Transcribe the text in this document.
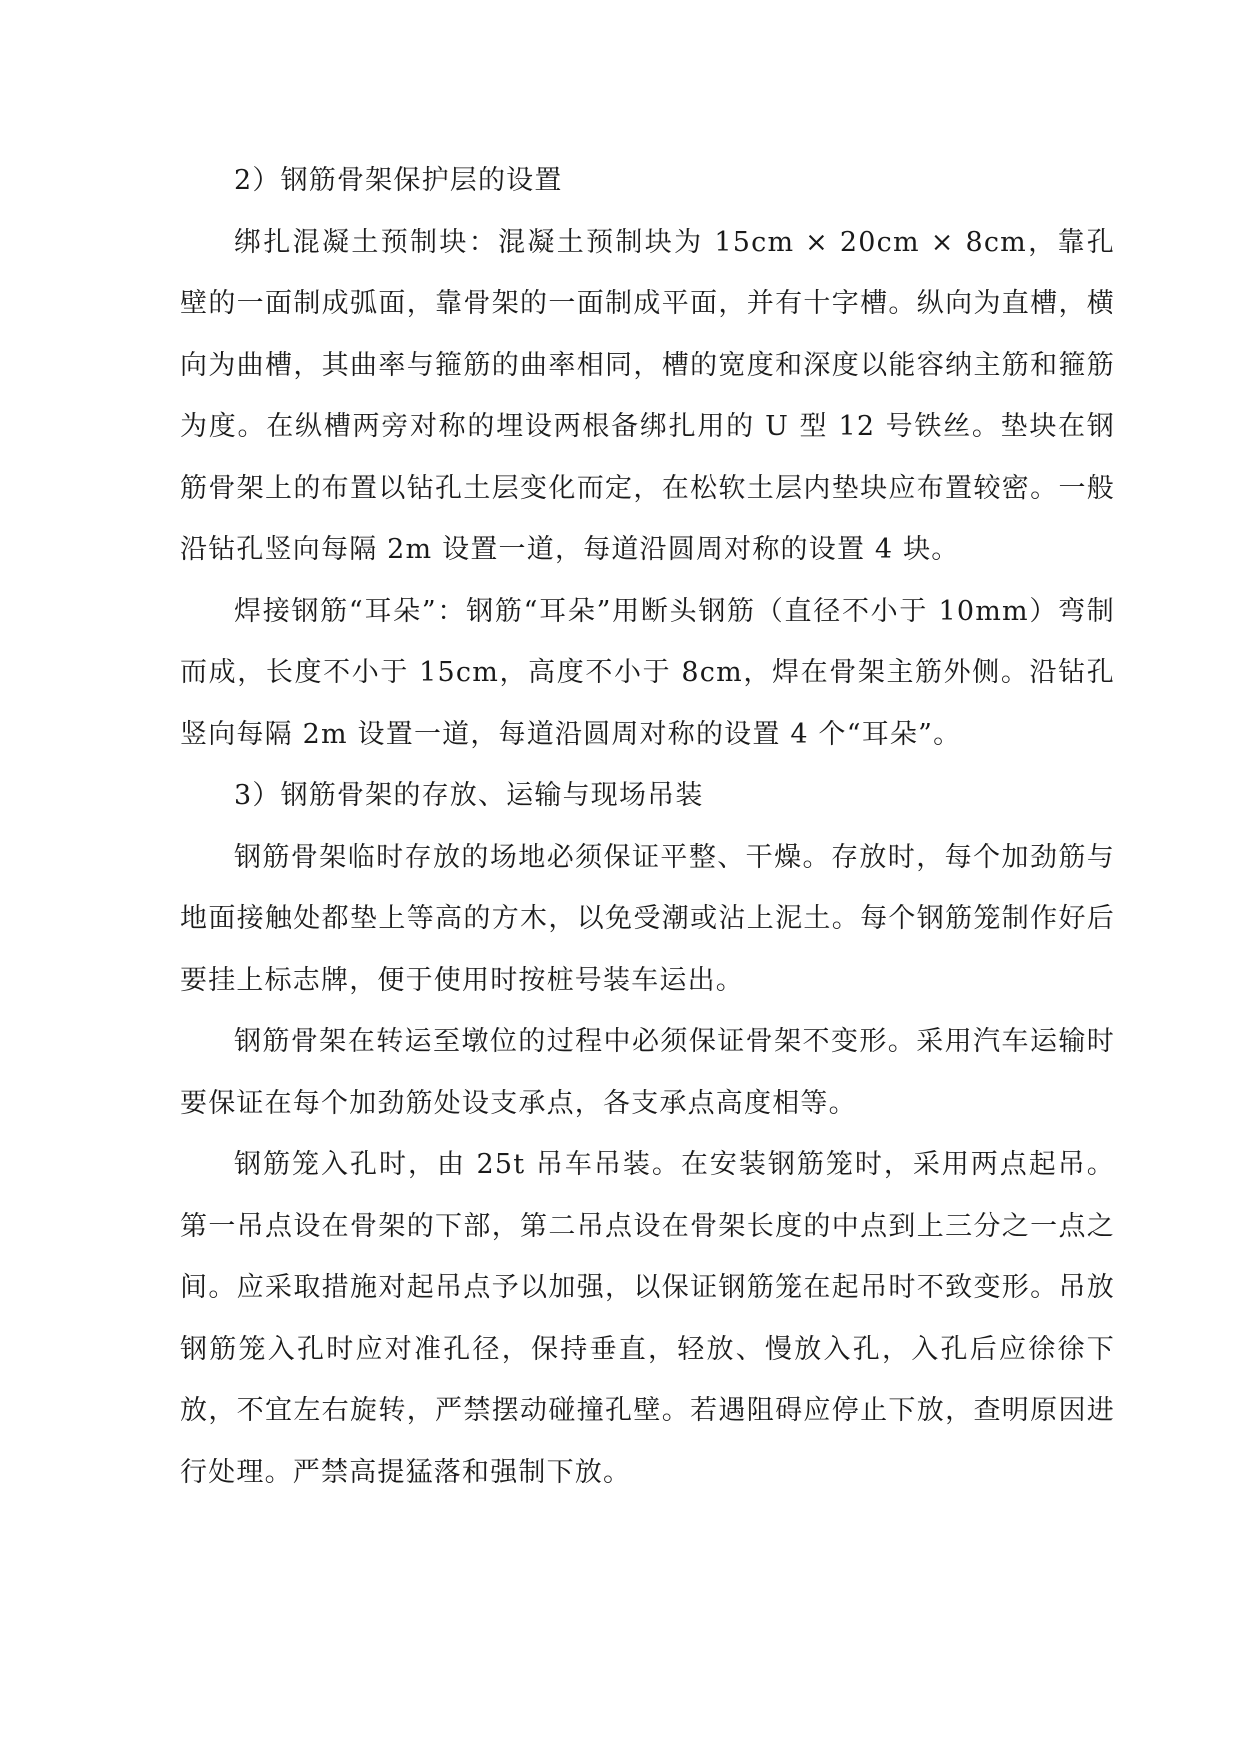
2）钢筋骨架保护层的设置

绑扎混凝土预制块：混凝土预制块为 15cm × 20cm × 8cm，靠孔壁的一面制成弧面，靠骨架的一面制成平面，并有十字槽。纵向为直槽，横向为曲槽，其曲率与箍筋的曲率相同，槽的宽度和深度以能容纳主筋和箍筋为度。在纵槽两旁对称的埋设两根备绑扎用的 U 型 12 号铁丝。垫块在钢筋骨架上的布置以钻孔土层变化而定，在松软土层内垫块应布置较密。一般沿钻孔竖向每隔 2m 设置一道，每道沿圆周对称的设置 4 块。

焊接钢筋“耳朵”：钢筋“耳朵”用断头钢筋（直径不小于 10mm）弯制而成，长度不小于 15cm，高度不小于 8cm，焊在骨架主筋外侧。沿钻孔竖向每隔 2m 设置一道，每道沿圆周对称的设置 4 个“耳朵”。

3）钢筋骨架的存放、运输与现场吊装

钢筋骨架临时存放的场地必须保证平整、干燥。存放时，每个加劲筋与地面接触处都垫上等高的方木，以免受潮或沾上泥土。每个钢筋笼制作好后要挂上标志牌，便于使用时按桩号装车运出。

钢筋骨架在转运至墩位的过程中必须保证骨架不变形。采用汽车运输时要保证在每个加劲筋处设支承点，各支承点高度相等。

钢筋笼入孔时，由 25t 吊车吊装。在安装钢筋笼时，采用两点起吊。第一吊点设在骨架的下部，第二吊点设在骨架长度的中点到上三分之一点之间。应采取措施对起吊点予以加强，以保证钢筋笼在起吊时不致变形。吊放钢筋笼入孔时应对准孔径，保持垂直，轻放、慢放入孔，入孔后应徐徐下放，不宜左右旋转，严禁摆动碰撞孔壁。若遇阻碍应停止下放，查明原因进行处理。严禁高提猛落和强制下放。
